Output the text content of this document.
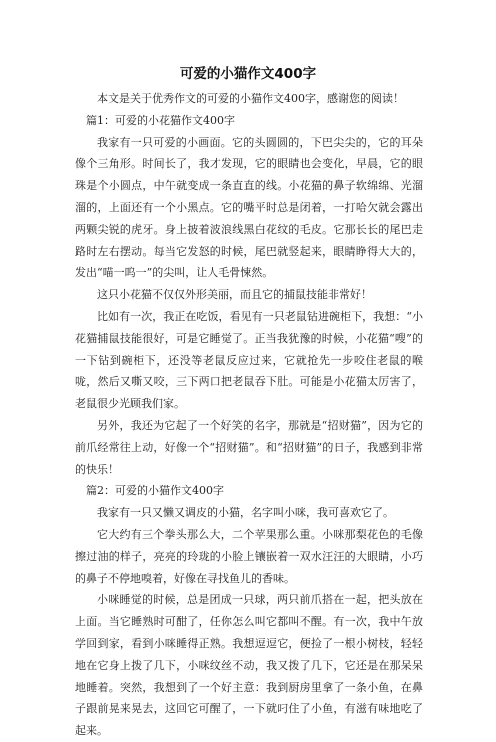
可爱的小猫作文400字

本文是关于优秀作文的可爱的小猫作文400字，感谢您的阅读！

篇1：可爱的小花猫作文400字

我家有一只可爱的小画面。它的头圆圆的，下巴尖尖的，它的耳朵像个三角形。时间长了，我才发现，它的眼睛也会变化，早晨，它的眼珠是个小圆点，中午就变成一条直直的线。小花猫的鼻子软绵绵、光溜溜的，上面还有一个小黑点。它的嘴平时总是闭着，一打哈欠就会露出两颗尖锐的虎牙。身上披着波浪线黑白花纹的毛皮。它那长长的尾巴走路时左右摆动。每当它发怒的时候，尾巴就竖起来，眼睛睁得大大的，发出“喵一呜一”的尖叫，让人毛骨悚然。

这只小花猫不仅仅外形美丽，而且它的捕鼠技能非常好！

比如有一次，我正在吃饭，看见有一只老鼠钻进碗柜下，我想：“小花猫捕鼠技能很好，可是它睡觉了。正当我犹豫的时候，小花猫“嗖”的一下钻到碗柜下，还没等老鼠反应过来，它就抢先一步咬住老鼠的喉咙，然后又嘶又咬，三下两口把老鼠吞下肚。可能是小花猫太厉害了，老鼠很少光顾我们家。

另外，我还为它起了一个好笑的名字，那就是“招财猫”，因为它的前爪经常往上动，好像一个“招财猫”。和“招财猫”的日子，我感到非常的快乐！

篇2：可爱的小猫作文400字

我家有一只又懒又调皮的小猫，名字叫小咪，我可喜欢它了。

它大约有三个拳头那么大，二个苹果那么重。小咪那梨花色的毛像擦过油的样子，亮亮的玲珑的小脸上镶嵌着一双水汪汪的大眼睛，小巧的鼻子不停地嗅着，好像在寻找鱼儿的香味。

小咪睡觉的时候，总是团成一只球，两只前爪搭在一起，把头放在上面。当它睡熟时可酣了，任你怎么叫它都叫不醒。有一次，我中午放学回到家，看到小咪睡得正熟。我想逗逗它，便捡了一根小树枝，轻轻地在它身上拨了几下，小咪纹丝不动，我又拨了几下，它还是在那呆呆地睡着。突然，我想到了一个好主意：我到厨房里拿了一条小鱼，在鼻子跟前晃来晃去，这回它可醒了，一下就叼住了小鱼，有滋有味地吃了起来。
